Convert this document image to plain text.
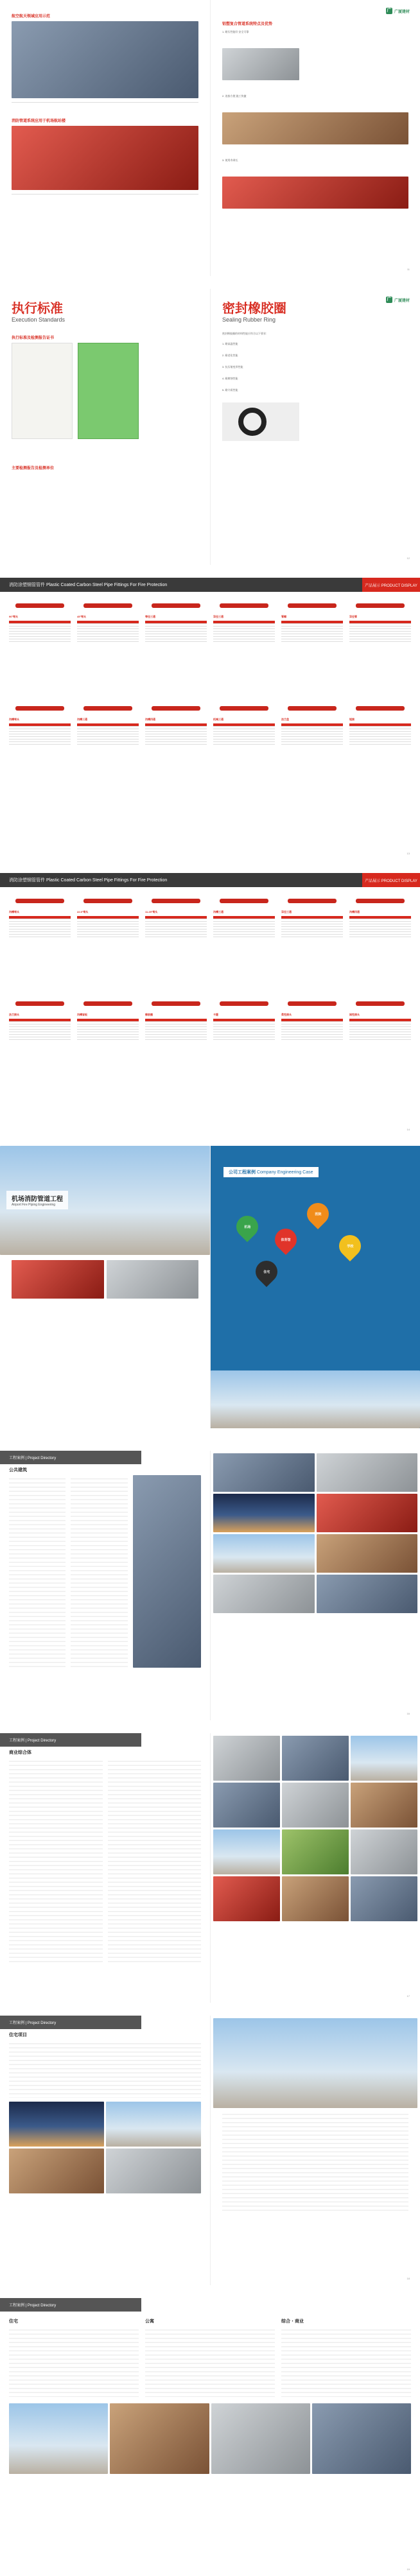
航空航天领域应用示范
消防管道系统应用于机场航站楼
广 广厦建材
铝塑复合管道系统特点及优势
1. 耐压性能好 安全可靠
2. 连接方便 施工快捷
3. 使用寿命长
11
执行标准
Execution Standards
执行标准及检测报告证书
主要检测报告及检测单位
广 广厦建材
密封橡胶圈
Sealing Rubber Ring
密封橡胶圈的材料性能应符合以下要求：
1. 耐高温性能
2. 耐老化性能
3. 抗压缩变形性能
4. 耐腐蚀性能
5. 耐介质性能
12
消防涂塑钢管管件 Plastic Coated Carbon Steel Pipe Fittings For Fire Protection	产品展示 PRODUCT DISPLAY
90°弯头	45°弯头	等径三通	异径三通	管帽	异径管
沟槽弯头	沟槽三通	沟槽四通	机械三通	法兰盘	短接
13
消防涂塑钢管管件 Plastic Coated Carbon Steel Pipe Fittings For Fire Protection	产品展示 PRODUCT DISPLAY
沟槽弯头	22.5°弯头	11.25°弯头	沟槽三通	异径三通	沟槽四通
法兰接头	沟槽盲板	橡胶圈	卡箍	柔性接头	刚性接头
14
机场消防管道工程
Airport Fire Piping Engineering
公司工程案例 Company Engineering Case
机场
体育馆
医院
学校
住宅
工程案例 | Project Directory
公共建筑
16
工程案例 | Project Directory
商业综合体
17
工程案例 | Project Directory
住宅项目
18
工程案例 | Project Directory
住宅	公寓	综合・商业
19
